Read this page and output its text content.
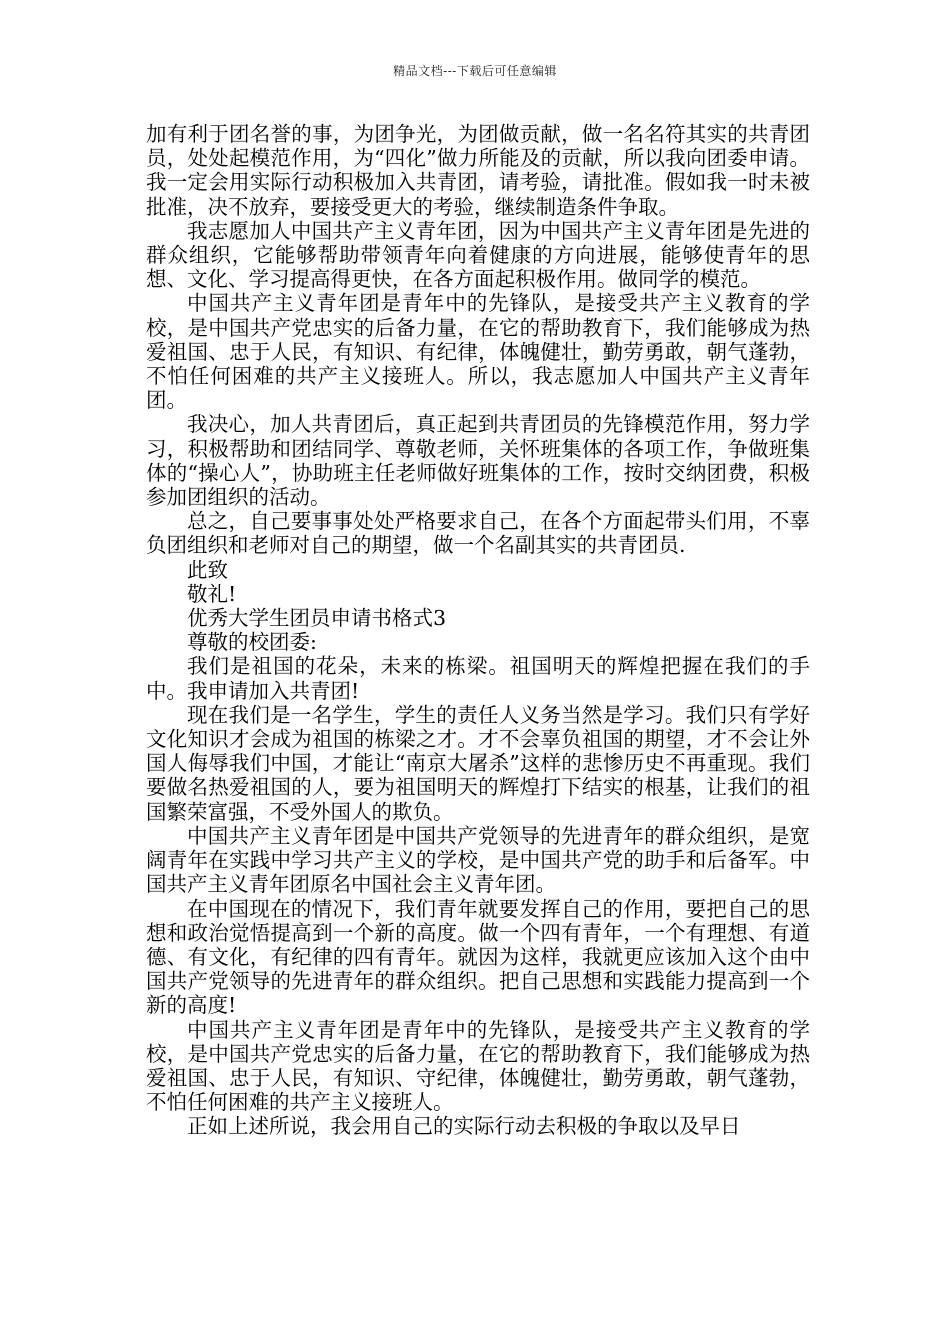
精品文档---下载后可任意编辑

加有利于团名誉的事，为团争光，为团做贡献，做一名名符其实的共青团员，处处起模范作用，为“四化”做力所能及的贡献，所以我向团委申请。我一定会用实际行动积极加入共青团，请考验，请批准。假如我一时未被批准，决不放弃，要接受更大的考验，继续制造条件争取。

我志愿加人中国共产主义青年团，因为中国共产主义青年团是先进的群众组织，它能够帮助带领青年向着健康的方向进展，能够使青年的思想、文化、学习提高得更快，在各方面起积极作用。做同学的模范。

中国共产主义青年团是青年中的先锋队，是接受共产主义教育的学校，是中国共产党忠实的后备力量，在它的帮助教育下，我们能够成为热爱祖国、忠于人民，有知识、有纪律，体魄健壮，勤劳勇敢，朝气蓬勃，不怕任何困难的共产主义接班人。所以，我志愿加人中国共产主义青年团。

我决心，加人共青团后，真正起到共青团员的先锋模范作用，努力学习，积极帮助和团结同学、尊敬老师，关怀班集体的各项工作，争做班集体的“操心人”，协助班主任老师做好班集体的工作，按时交纳团费，积极参加团组织的活动。

总之，自己要事事处处严格要求自己，在各个方面起带头们用，不辜负团组织和老师对自己的期望，做一个名副其实的共青团员.

此致

敬礼!

优秀大学生团员申请书格式3

尊敬的校团委:

我们是祖国的花朵，未来的栋梁。祖国明天的辉煌把握在我们的手中。我申请加入共青团!

现在我们是一名学生，学生的责任人义务当然是学习。我们只有学好文化知识才会成为祖国的栋梁之才。才不会辜负祖国的期望，才不会让外国人侮辱我们中国，才能让“南京大屠杀”这样的悲惨历史不再重现。我们要做名热爱祖国的人，要为祖国明天的辉煌打下结实的根基，让我们的祖国繁荣富强，不受外国人的欺负。

中国共产主义青年团是中国共产党领导的先进青年的群众组织，是宽阔青年在实践中学习共产主义的学校，是中国共产党的助手和后备军。中国共产主义青年团原名中国社会主义青年团。

在中国现在的情况下，我们青年就要发挥自己的作用，要把自己的思想和政治觉悟提高到一个新的高度。做一个四有青年，一个有理想、有道德、有文化，有纪律的四有青年。就因为这样，我就更应该加入这个由中国共产党领导的先进青年的群众组织。把自己思想和实践能力提高到一个新的高度!

中国共产主义青年团是青年中的先锋队，是接受共产主义教育的学校，是中国共产党忠实的后备力量，在它的帮助教育下，我们能够成为热爱祖国、忠于人民，有知识、守纪律，体魄健壮，勤劳勇敢，朝气蓬勃，不怕任何困难的共产主义接班人。

正如上述所说，我会用自己的实际行动去积极的争取以及早日
